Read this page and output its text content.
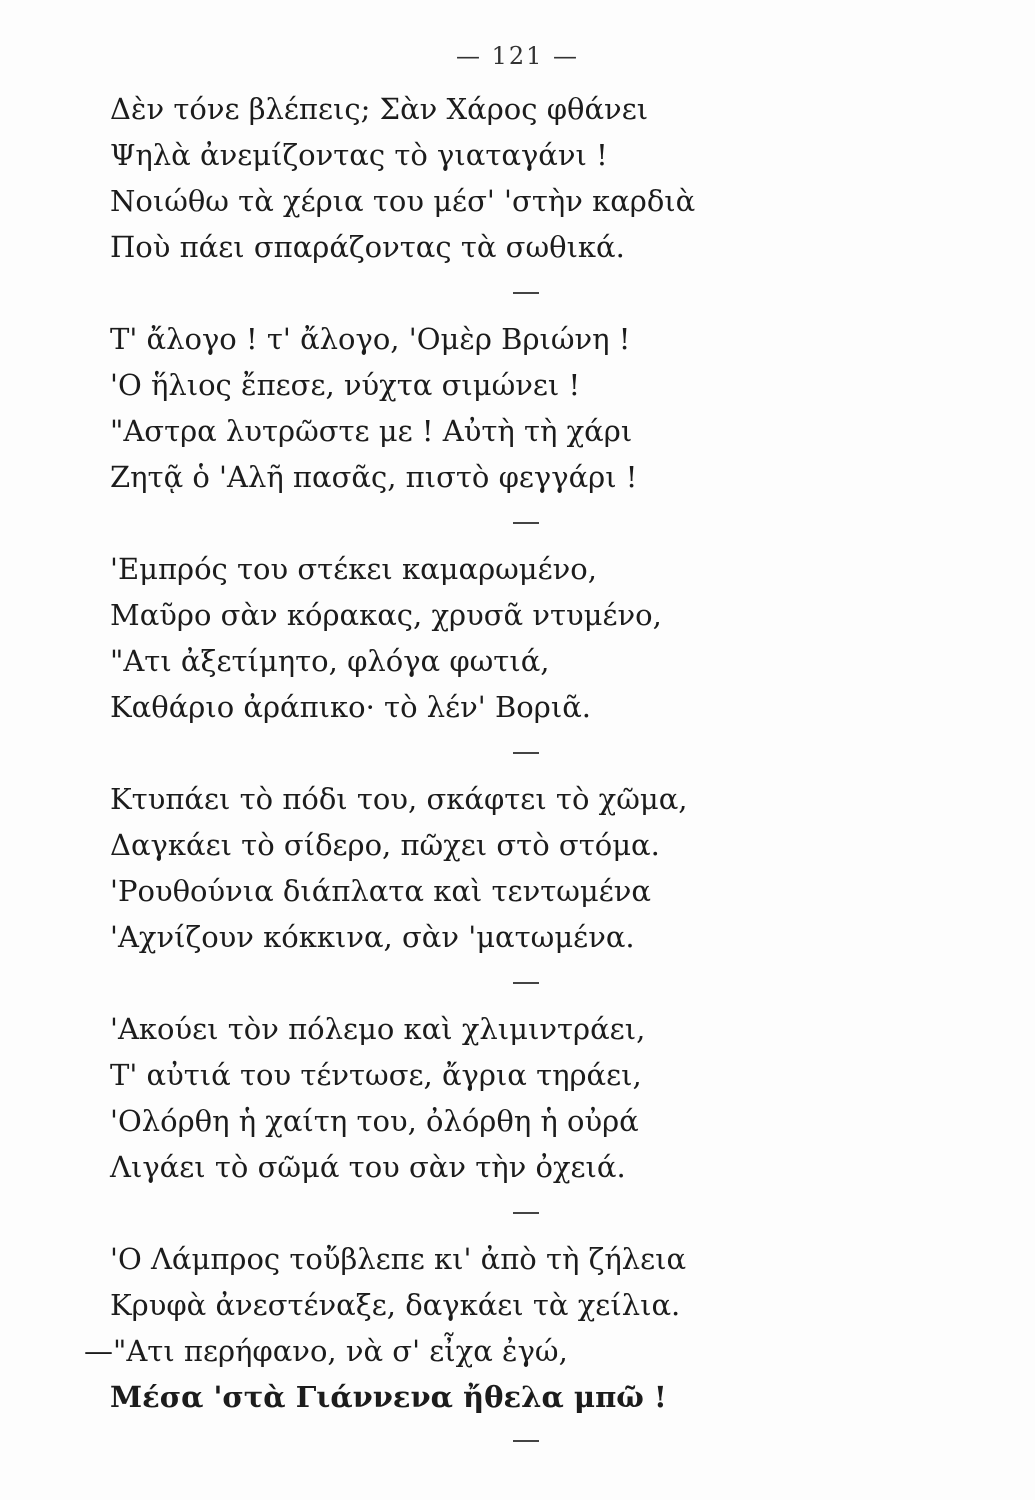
— 121 —
Δὲν τόνε βλέπεις; Σὰν Χάρος φθάνει
Ψηλὰ ἀνεμίζοντας τὸ γιαταγάνι !
Νοιώθω τὰ χέρια του μέσ' 'στὴν καρδιὰ
Ποὺ πάει σπαράζοντας τὰ σωθικά.
Τ' ἄλογο ! τ' ἄλογο, 'Ομὲρ Βριώνη !
'Ο ἥλιος ἔπεσε, νύχτα σιμώνει !
"Αστρα λυτρῶστε με ! Αὐτὴ τὴ χάρι
Ζητᾷ ὁ 'Αλῆ πασᾶς, πιστὸ φεγγάρι !
'Εμπρός του στέκει καμαρωμένο,
Μαῦρο σὰν κόρακας, χρυσᾶ ντυμένο,
"Ατι ἀξετίμητο, φλόγα φωτιά,
Καθάριο ἀράπικο· τὸ λέν' Βοριᾶ.
Κτυπάει τὸ πόδι του, σκάφτει τὸ χῶμα,
Δαγκάει τὸ σίδερο, πῶχει στὸ στόμα.
'Ρουθούνια διάπλατα καὶ τεντωμένα
'Αχνίζουν κόκκινα, σὰν 'ματωμένα.
'Ακούει τὸν πόλεμο καὶ χλιμιντράει,
Τ' αὐτιά του τέντωσε, ἄγρια τηράει,
'Ολόρθη ἡ χαίτη του, ὀλόρθη ἡ οὐρά
Λιγάει τὸ σῶμά του σὰν τὴν ὀχειά.
'Ο Λάμπρος τοὔβλεπε κι' ἀπὸ τὴ ζήλεια
Κρυφὰ ἀνεστέναξε, δαγκάει τὰ χείλια.
—"Ατι περήφανο, νὰ σ' εἶχα ἐγώ,
Μέσα 'στὰ Γιάννενα ἤθελα μπῶ !
